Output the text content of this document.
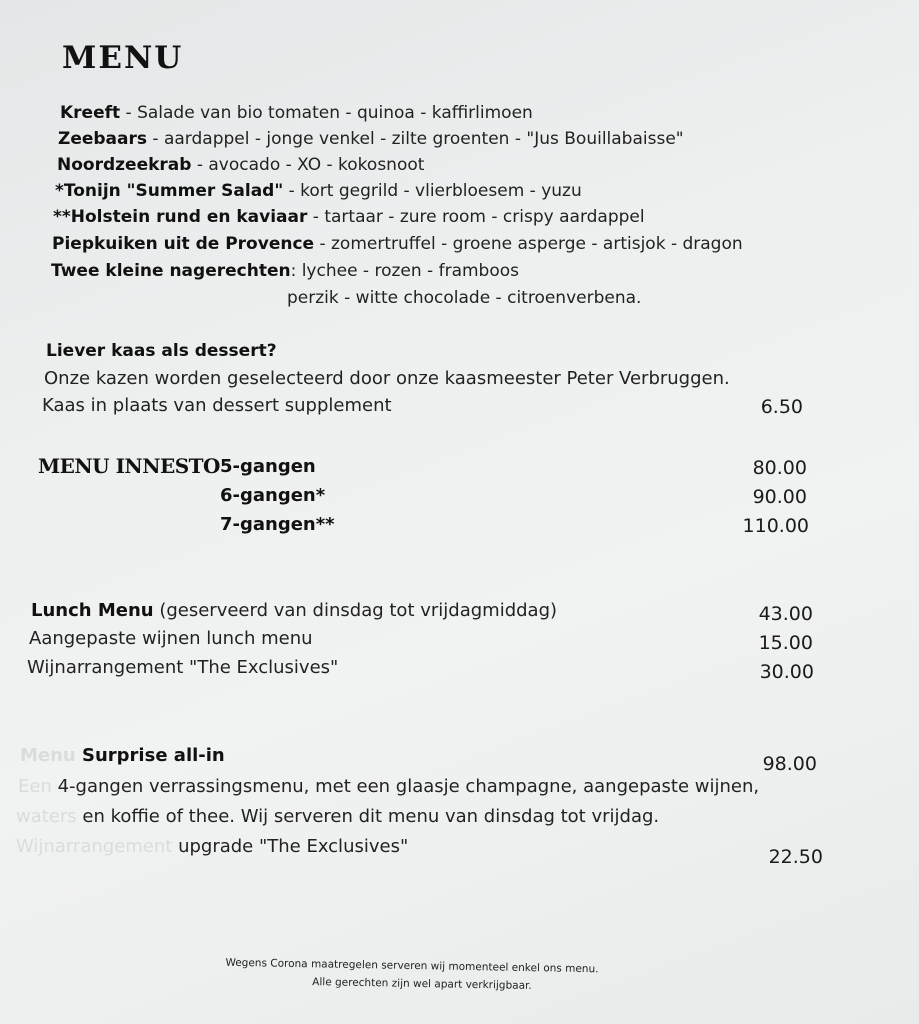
MENU
Kreeft - Salade van bio tomaten - quinoa - kaffirlimoen
Zeebaars - aardappel - jonge venkel - zilte groenten - "Jus Bouillabaisse"
Noordzeekrab - avocado - XO - kokosnoot
*Tonijn "Summer Salad" - kort gegrild - vlierbloesem - yuzu
**Holstein rund en kaviaar - tartaar - zure room - crispy aardappel
Piepkuiken uit de Provence - zomertruffel - groene asperge - artisjok - dragon
Twee kleine nagerechten: lychee - rozen - framboos
perzik - witte chocolade - citroenverbena.
Liever kaas als dessert?
Onze kazen worden geselecteerd door onze kaasmeester Peter Verbruggen.
Kaas in plaats van dessert supplement	6.50
MENU INNESTO 5-gangen	80.00
6-gangen*	90.00
7-gangen**	110.00
Lunch Menu (geserveerd van dinsdag tot vrijdagmiddag)	43.00
Aangepaste wijnen lunch menu	15.00
Wijnarrangement "The Exclusives"	30.00
Menu Surprise all-in	98.00
Een 4-gangen verrassingsmenu, met een glaasje champagne, aangepaste wijnen,
waters en koffie of thee. Wij serveren dit menu van dinsdag tot vrijdag.
Wijnarrangement upgrade "The Exclusives"	22.50
Wegens Corona maatregelen serveren wij momenteel enkel ons menu.
Alle gerechten zijn wel apart verkrijgbaar.
